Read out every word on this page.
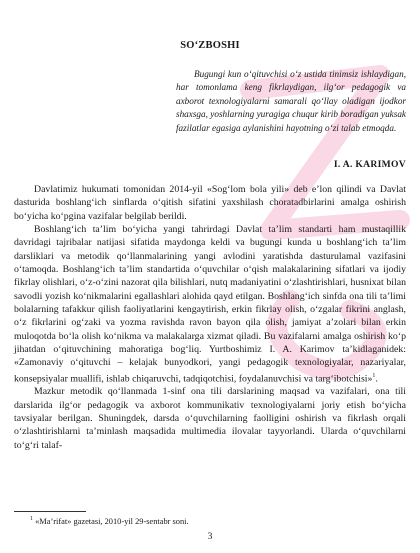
SO‘ZBOSHI
Bugungi kun o‘qituvchisi o‘z ustida tinimsiz ishlaydigan, har tomonlama keng fikrlaydigan, ilg‘or pedagogik va axborot texnologiyalarni samarali qo‘llay oladigan ijodkor shaxsga, yoshlarning yuragiga chuqur kirib boradigan yuksak fazilatlar egasiga aylanishini hayotning o‘zi talab etmoqda.
I. A. KARIMOV

Davlatimiz hukumati tomonidan 2014-yil «Sog‘lom bola yili» deb e’lon qilindi va Davlat dasturida boshlang‘ich sinflarda o‘qitish sifatini yaxshilash choratadbirlarini amalga oshirish bo‘yicha ko‘pgina vazifalar belgilab berildi.

Boshlang‘ich ta’lim bo‘yicha yangi tahrirdagi Davlat ta’lim standarti ham mustaqillik davridagi tajribalar natijasi sifatida maydonga keldi va bugungi kunda u boshlang‘ich ta’lim darsliklari va metodik qo‘llanmalarining yangi avlodini yaratishda dasturulamal vazifasini o‘tamoqda. Boshlang‘ich ta’lim standartida o‘quvchilar o‘qish malakalarining sifatlari va ijodiy fikrlay olishlari, o‘z-o‘zini nazorat qila bilishlari, nutq madaniyatini o‘zlashtirishlari, husnixat bilan savodli yozish ko‘nikmalarini egallashlari alohida qayd etilgan. Boshlang‘ich sinfda ona tili ta’limi bolalarning tafakkur qilish faoliyatlarini kengaytirish, erkin fikrlay olish, o‘zgalar fikrini anglash, o‘z fikrlarini og‘zaki va yozma ravishda ravon bayon qila olish, jamiyat a’zolari bilan erkin muloqotda bo‘la olish ko‘nikma va malakalarga xizmat qiladi. Bu vazifalarni amalga oshirish ko‘p jihatdan o‘qituvchining mahoratiga bog‘liq. Yurtboshimiz I. A. Karimov ta’kidlaganidek: «Zamonaviy o‘qituvchi – kelajak bunyodkori, yangi pedagogik texnologiyalar, nazariyalar, konsepsiyalar muallifi, ishlab chiqaruvchi, tadqiqotchisi, foydalanuvchisi va targ‘ibotchisi»$^1$.

Mazkur metodik qo‘llanmada 1-sinf ona tili darslarining maqsad va vazifalari, ona tili darslarida ilg‘or pedagogik va axborot kommunikativ texnologiyalarni joriy etish bo‘yicha tavsiyalar berilgan. Shuningdek, darsda o‘quvchilarning faolligini oshirish va fikrlash orqali o‘zlashtirishlarni ta’minlash maqsadida multimedia ilovalar tayyorlandi. Ularda o‘quvchilarni to‘g‘ri talaf-

$^1$ «Ma’rifat» gazetasi, 2010-yil 29-sentabr soni.
3
